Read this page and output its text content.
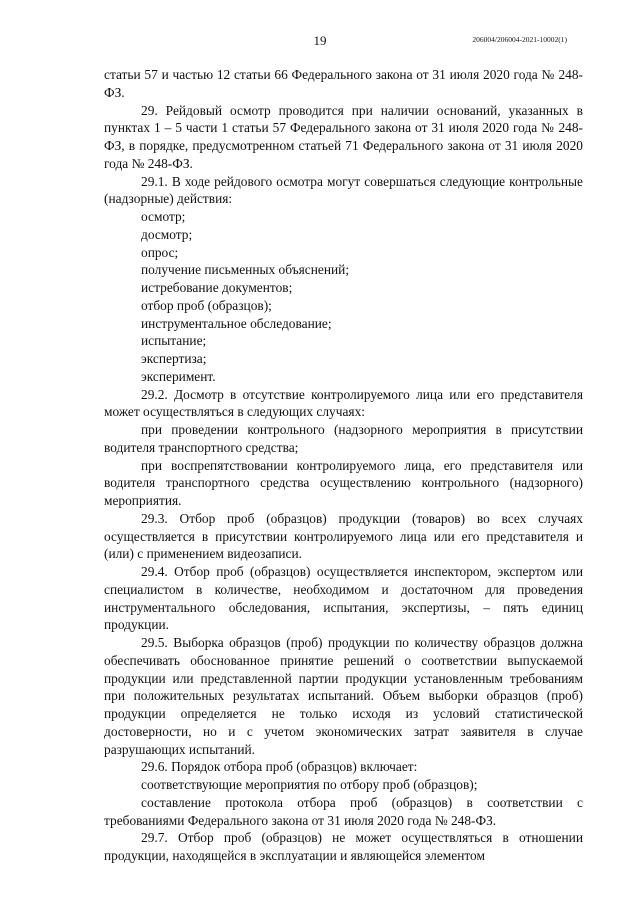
19	206004/206004-2021-10002(1)

статьи 57 и частью 12 статьи 66 Федерального закона от 31 июля 2020 года № 248-ФЗ.

29. Рейдовый осмотр проводится при наличии оснований, указанных в пунктах 1 – 5 части 1 статьи 57 Федерального закона от 31 июля 2020 года № 248-ФЗ, в порядке, предусмотренном статьей 71 Федерального закона от 31 июля 2020 года № 248-ФЗ.

29.1. В ходе рейдового осмотра могут совершаться следующие контрольные (надзорные) действия:

осмотр;

досмотр;

опрос;

получение письменных объяснений;

истребование документов;

отбор проб (образцов);

инструментальное обследование;

испытание;

экспертиза;

эксперимент.

29.2. Досмотр в отсутствие контролируемого лица или его представителя может осуществляться в следующих случаях:

при проведении контрольного (надзорного мероприятия в присутствии водителя транспортного средства;

при воспрепятствовании контролируемого лица, его представителя или водителя транспортного средства осуществлению контрольного (надзорного) мероприятия.

29.3. Отбор проб (образцов) продукции (товаров) во всех случаях осуществляется в присутствии контролируемого лица или его представителя и (или) с применением видеозаписи.

29.4. Отбор проб (образцов) осуществляется инспектором, экспертом или специалистом в количестве, необходимом и достаточном для проведения инструментального обследования, испытания, экспертизы, – пять единиц продукции.

29.5. Выборка образцов (проб) продукции по количеству образцов должна обеспечивать обоснованное принятие решений о соответствии выпускаемой продукции или представленной партии продукции установленным требованиям при положительных результатах испытаний. Объем выборки образцов (проб) продукции определяется не только исходя из условий статистической достоверности, но и с учетом экономических затрат заявителя в случае разрушающих испытаний.

29.6. Порядок отбора проб (образцов) включает:

соответствующие мероприятия по отбору проб (образцов);

составление протокола отбора проб (образцов) в соответствии с требованиями Федерального закона от 31 июля 2020 года № 248-ФЗ.

29.7. Отбор проб (образцов) не может осуществляться в отношении продукции, находящейся в эксплуатации и являющейся элементом
